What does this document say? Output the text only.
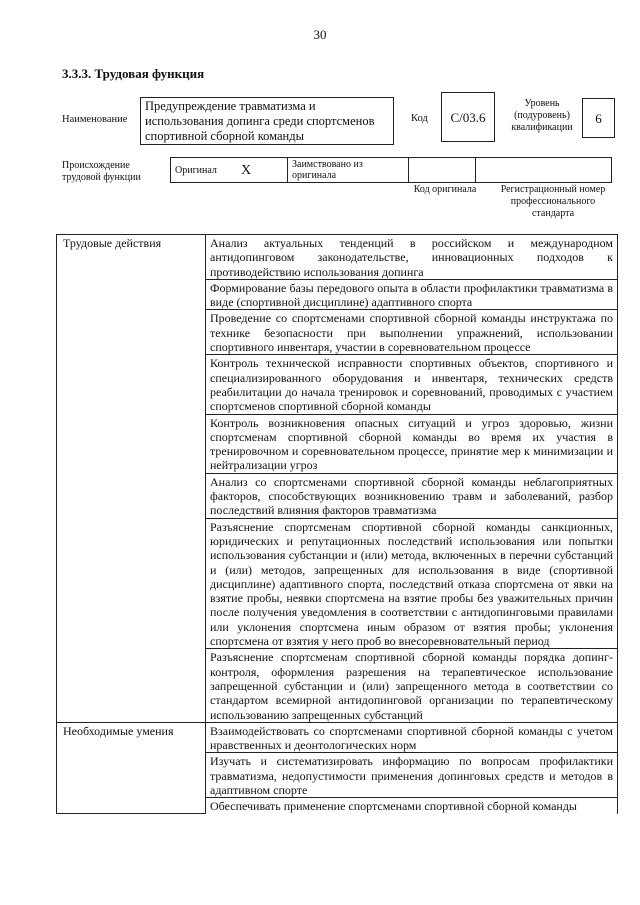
30
3.3.3. Трудовая функция
Наименование
Предупреждение травматизма и использования допинга среди спортсменов спортивной сборной команды
Код	С/03.6
Уровень (подуровень) квалификации
6
Происхождение трудовой функции
Оригинал	X	Заимствовано из оригинала		
Код оригинала	Регистрационный номер профессионального стандарта
Трудовые действия	Анализ актуальных тенденций в российском и международном антидопинговом законодательстве, инновационных подходов к противодействию использования допинга
	Формирование базы передового опыта в области профилактики травматизма в виде (спортивной дисциплине) адаптивного спорта
	Проведение со спортсменами спортивной сборной команды инструктажа по технике безопасности при выполнении упражнений, использовании спортивного инвентаря, участии в соревновательном процессе
	Контроль технической исправности спортивных объектов, спортивного и специализированного оборудования и инвентаря, технических средств реабилитации до начала тренировок и соревнований, проводимых с участием спортсменов спортивной сборной команды
	Контроль возникновения опасных ситуаций и угроз здоровью, жизни спортсменам спортивной сборной команды во время их участия в тренировочном и соревновательном процессе, принятие мер к минимизации и нейтрализации угроз
	Анализ со спортсменами спортивной сборной команды неблагоприятных факторов, способствующих возникновению травм и заболеваний, разбор последствий влияния факторов травматизма
	Разъяснение спортсменам спортивной сборной команды санкционных, юридических и репутационных последствий использования или попытки использования субстанции и (или) метода, включенных в перечни субстанций и (или) методов, запрещенных для использования в виде (спортивной дисциплине) адаптивного спорта, последствий отказа спортсмена от явки на взятие пробы, неявки спортсмена на взятие пробы без уважительных причин после получения уведомления в соответствии с антидопинговыми правилами или уклонения спортсмена иным образом от взятия пробы; уклонения спортсмена от взятия у него проб во внесоревновательный период
	Разъяснение спортсменам спортивной сборной команды порядка допинг-контроля, оформления разрешения на терапевтическое использование запрещенной субстанции и (или) запрещенного метода в соответствии со стандартом всемирной антидопинговой организации по терапевтическому использованию запрещенных субстанций
Необходимые умения	Взаимодействовать со спортсменами спортивной сборной команды с учетом нравственных и деонтологических норм
	Изучать и систематизировать информацию по вопросам профилактики травматизма, недопустимости применения допинговых средств и методов в адаптивном спорте
	Обеспечивать применение спортсменами спортивной сборной команды
